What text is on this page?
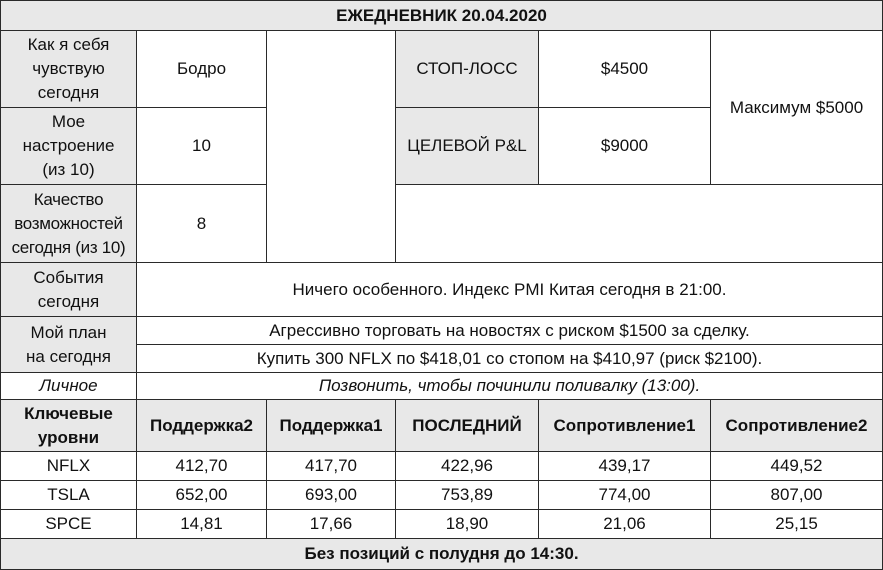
ЕЖЕДНЕВНИК 20.04.2020					
Как я себя
чувствую
сегодня	Бодро		СТОП-ЛОСС	$4500	Максимум $5000
Мое
настроение
(из 10)	10		ЦЕЛЕВОЙ P&L	$9000	
Качество
возможностей
сегодня (из 10)	8				
События
сегодня	Ничего особенного. Индекс PMI Китая сегодня в 21:00.				
Мой план
на сегодня	Агрессивно торговать на новостях с риском $1500 за сделку.				
	Купить 300 NFLX по $418,01 со стопом на $410,97 (риск $2100).				
Личное	Позвонить, чтобы починили поливалку (13:00).				
Ключевые
уровни	Поддержка2	Поддержка1	ПОСЛЕДНИЙ	Сопротивление1	Сопротивление2
NFLX	412,70	417,70	422,96	439,17	449,52
TSLA	652,00	693,00	753,89	774,00	807,00
SPCE	14,81	17,66	18,90	21,06	25,15
Без позиций с полудня до 14:30.					
